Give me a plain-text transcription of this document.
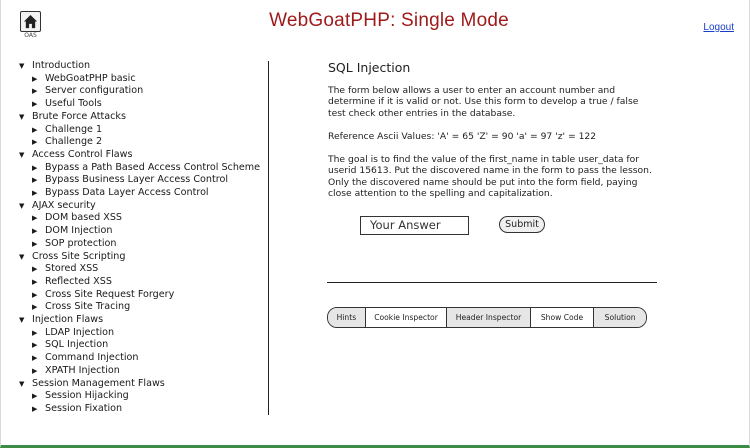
OAS
WebGoatPHP: Single Mode	Logout
▼ Introduction
▶ WebGoatPHP basic
▶ Server configuration
▶ Useful Tools
▼ Brute Force Attacks
▶ Challenge 1
▶ Challenge 2
▼ Access Control Flaws
▶ Bypass a Path Based Access Control Scheme
▶ Bypass Business Layer Access Control
▶ Bypass Data Layer Access Control
▼ AJAX security
▶ DOM based XSS
▶ DOM Injection
▶ SOP protection
▼ Cross Site Scripting
▶ Stored XSS
▶ Reflected XSS
▶ Cross Site Request Forgery
▶ Cross Site Tracing
▼ Injection Flaws
▶ LDAP Injection
▶ SQL Injection
▶ Command Injection
▶ XPATH Injection
▼ Session Management Flaws
▶ Session Hijacking
▶ Session Fixation
SQL Injection
The form below allows a user to enter an account number and determine if it is valid or not. Use this form to develop a true / false test check other entries in the database.
Reference Ascii Values: 'A' = 65 'Z' = 90 'a' = 97 'z' = 122
The goal is to find the value of the first_name in table user_data for userid 15613. Put the discovered name in the form to pass the lesson. Only the discovered name should be put into the form field, paying close attention to the spelling and capitalization.
Your Answer	Submit
Hints	Cookie Inspector	Header Inspector	Show Code	Solution
